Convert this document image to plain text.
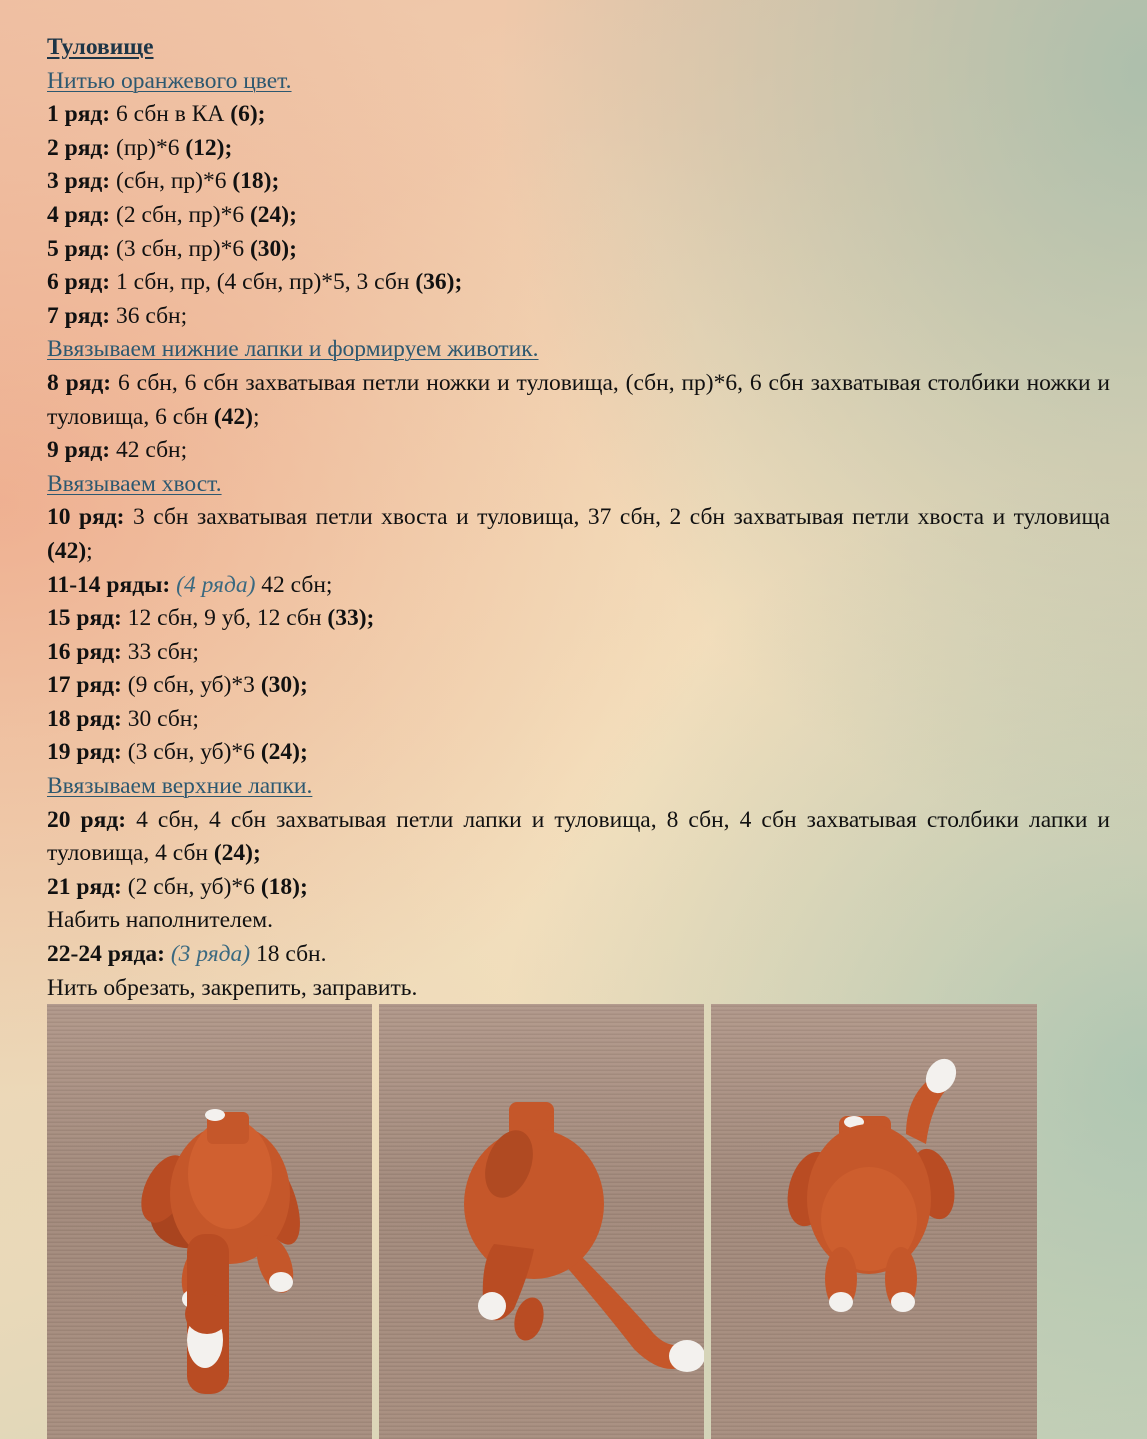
Туловище

Нитью оранжевого цвет.

1 ряд: 6 сбн в КА (6);

2 ряд: (пр)*6 (12);

3 ряд: (сбн, пр)*6 (18);

4 ряд: (2 сбн, пр)*6 (24);

5 ряд: (3 сбн, пр)*6 (30);

6 ряд: 1 сбн, пр, (4 сбн, пр)*5, 3 сбн (36);

7 ряд: 36 сбн;

Ввязываем нижние лапки и формируем животик.

8 ряд: 6 сбн, 6 сбн захватывая петли ножки и туловища, (сбн, пр)*6, 6 сбн захватывая столбики ножки и туловища, 6 сбн (42);

9 ряд: 42 сбн;

Ввязываем хвост.

10 ряд: 3 сбн захватывая петли хвоста и туловища, 37 сбн, 2 сбн захватывая петли хвоста и туловища (42);

11-14 ряды: (4 ряда) 42 сбн;

15 ряд: 12 сбн, 9 уб, 12 сбн (33);

16 ряд: 33 сбн;

17 ряд: (9 сбн, уб)*3 (30);

18 ряд: 30 сбн;

19 ряд: (3 сбн, уб)*6 (24);

Ввязываем верхние лапки.

20 ряд: 4 сбн, 4 сбн захватывая петли лапки и туловища, 8 сбн, 4 сбн захватывая столбики лапки и туловища, 4 сбн (24);

21 ряд: (2 сбн, уб)*6 (18);

Набить наполнителем.

22-24 ряда: (3 ряда) 18 сбн.

Нить обрезать, закрепить, заправить.
